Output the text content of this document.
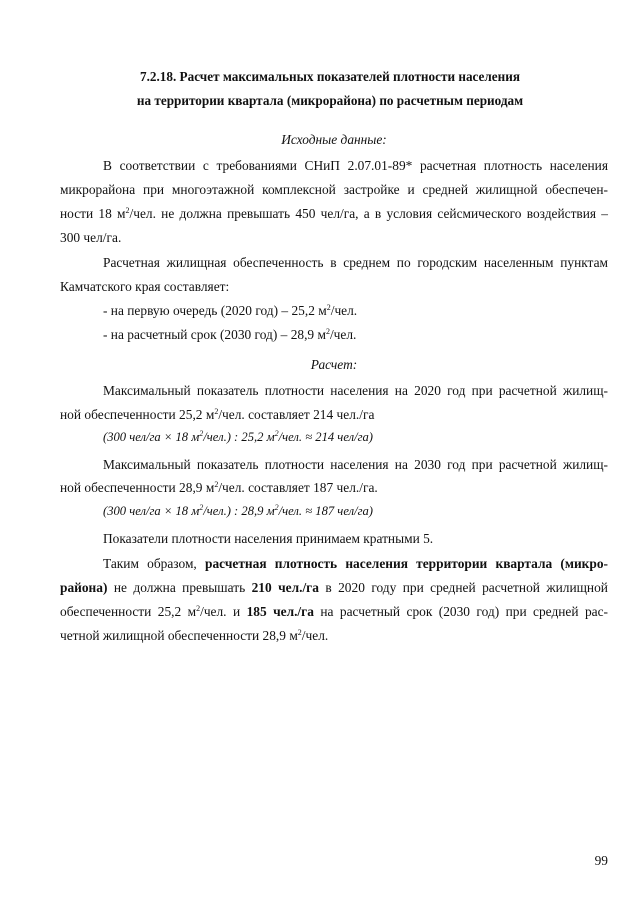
7.2.18. Расчет максимальных показателей плотности населения
на территории квартала (микрорайона) по расчетным периодам
Исходные данные:
В соответствии с требованиями СНиП 2.07.01-89* расчетная плотность населения
микрорайона при многоэтажной комплексной застройке и средней жилищной обеспечен-
ности 18 $м^2$/чел. не должна превышать 450 чел/га, а в условия сейсмического воздействия –
300 чел/га.
Расчетная жилищная обеспеченность в среднем по городским населенным пунктам
Камчатского края составляет:
- на первую очередь (2020 год) – 25,2 $м^2$/чел.
- на расчетный срок (2030 год) – 28,9 $м^2$/чел.
Расчет:
Максимальный показатель плотности населения на 2020 год при расчетной жилищ-
ной обеспеченности 25,2 $м^2$/чел. составляет 214 чел./га
(300 чел/га × 18 $м^2/чел$.) : 25,2 $м^2$/чел. ≈ 214 чел/га)
Максимальный показатель плотности населения на 2030 год при расчетной жилищ-
ной обеспеченности 28,9 $м^2$/чел. составляет 187 чел./га.
(300 чел/га × 18 $м^2/чел$.) : 28,9 $м^2$/чел. ≈ 187 чел/га)
Показатели плотности населения принимаем кратными 5.
Таким образом, расчетная плотность населения территории квартала (микро-
района) не должна превышать 210 чел./га в 2020 году при средней расчетной жилищной
обеспеченности 25,2 $м^2$/чел. и 185 чел./га на расчетный срок (2030 год) при средней рас-
четной жилищной обеспеченности 28,9 $м^2$/чел.
99
